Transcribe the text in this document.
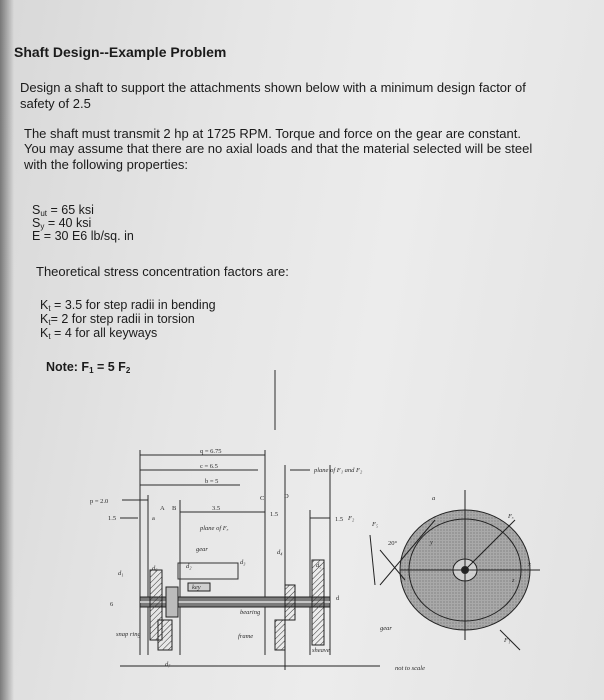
Shaft Design--Example Problem
Design a shaft to support the attachments shown below with a minimum design factor of
safety of 2.5
The shaft must transmit 2 hp at 1725 RPM. Torque and force on the gear are constant.
You may assume that there are no axial loads and that the material selected will be steel
with the following properties:
$S_{ut} = 65$ ksi
$S_y = 40$ ksi
E = 30 E6 lb/sq. in
Theoretical stress concentration factors are:
$K_t = 3.5$ for step radii in bending
$K_t= 2$ for step radii in torsion
$K_t = 4$ for all keyways
Note: $F_1 = 5$ $F_2$
q = 6.75
c = 6.5
b = 5
p = 2.0
1.5	a
A B	3.5
C	D
1.5
1.5
plane of F₁ and F₂
plane of Fₓ
gear
key
bearing
frame
snap ring
sheave
d₁
d₆
d₃
d₄
d₅
d₂
d₇
6
d
y
z
x
20°
F₅
a
F₁
Fₓ
gear
F₂
not to scale
